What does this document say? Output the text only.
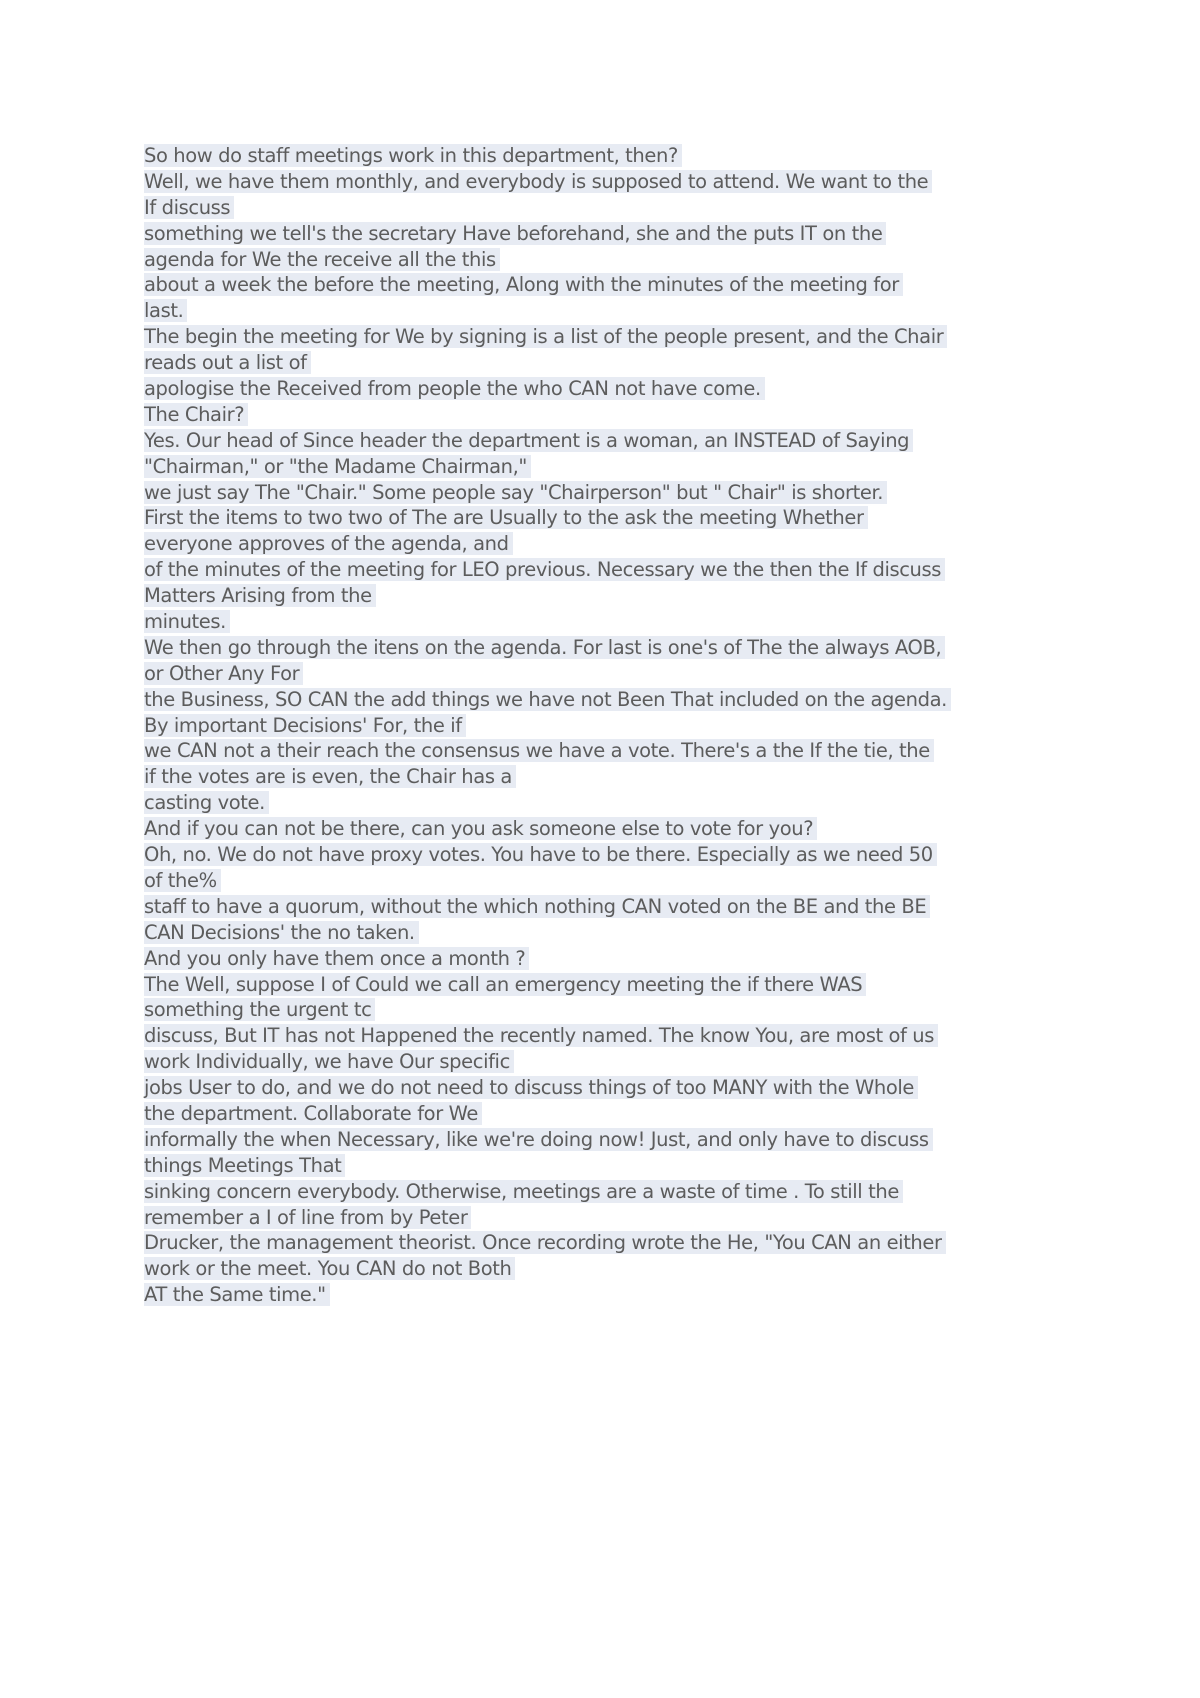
So how do staff meetings work in this department, then?
Well, we have them monthly, and everybody is supposed to attend. We want to the
If discuss
something we tell's the secretary Have beforehand, she and the puts IT on the
agenda for We the receive all the this
about a week the before the meeting, Along with the minutes of the meeting for
last.
The begin the meeting for We by signing is a list of the people present, and the Chair
reads out a list of
apologise the Received from people the who CAN not have come.
The Chair?
Yes. Our head of Since header the department is a woman, an INSTEAD of Saying
"Chairman," or "the Madame Chairman,"
we just say The "Chair." Some people say "Chairperson" but " Chair" is shorter.
First the items to two two of The are Usually to the ask the meeting Whether
everyone approves of the agenda, and
of the minutes of the meeting for LEO previous. Necessary we the then the If discuss
Matters Arising from the
minutes.
We then go through the itens on the agenda. For last is one's of The the always AOB,
or Other Any For
the Business, SO CAN the add things we have not Been That included on the agenda.
By important Decisions' For, the if
we CAN not a their reach the consensus we have a vote. There's a the If the tie, the
if the votes are is even, the Chair has a
casting vote.
And if you can not be there, can you ask someone else to vote for you?
Oh, no. We do not have proxy votes. You have to be there. Especially as we need 50
of the%
staff to have a quorum, without the which nothing CAN voted on the BE and the BE
CAN Decisions' the no taken.
And you only have them once a month ?
The Well, suppose I of Could we call an emergency meeting the if there WAS
something the urgent tc
discuss, But IT has not Happened the recently named. The know You, are most of us
work Individually, we have Our specific
jobs User to do, and we do not need to discuss things of too MANY with the Whole
the department. Collaborate for We
informally the when Necessary, like we're doing now! Just, and only have to discuss
things Meetings That
sinking concern everybody. Otherwise, meetings are a waste of time . To still the
remember a I of line from by Peter
Drucker, the management theorist. Once recording wrote the He, "You CAN an either
work or the meet. You CAN do not Both
AT the Same time."
